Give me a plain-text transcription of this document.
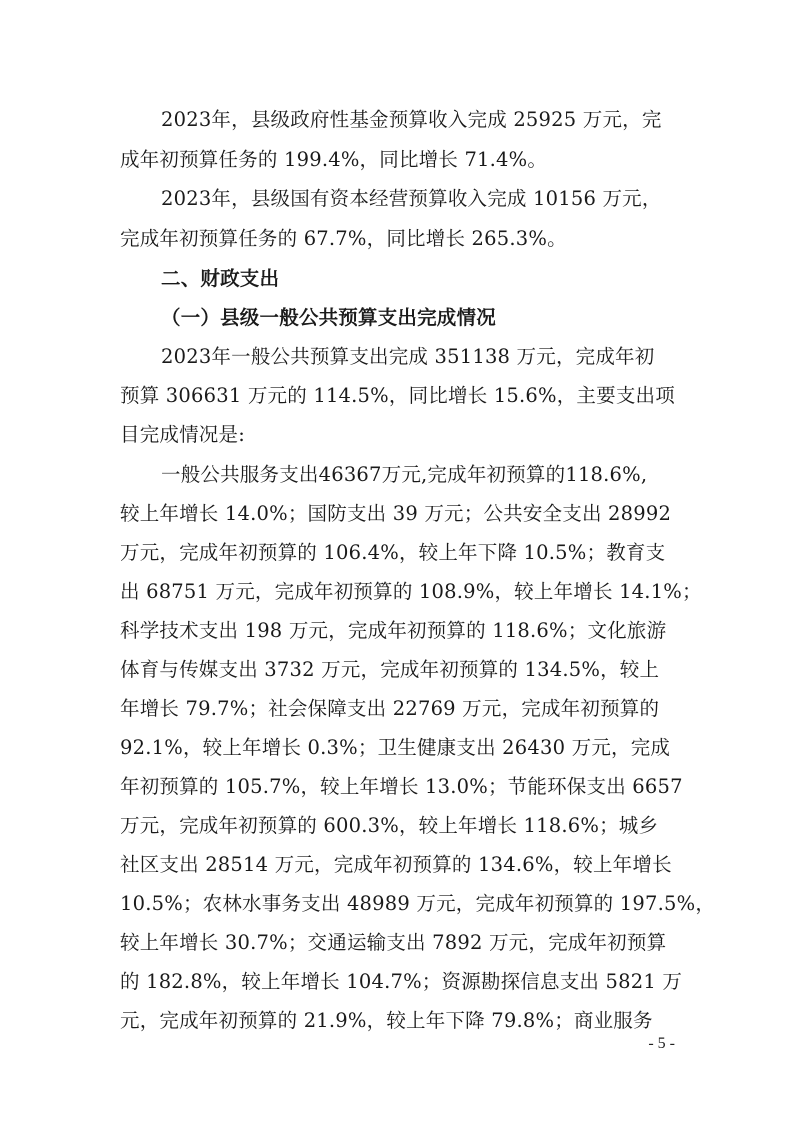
2023年，县级政府性基金预算收入完成 25925 万元，完
成年初预算任务的 199.4%，同比增长 71.4%。
2023年，县级国有资本经营预算收入完成 10156 万元，
完成年初预算任务的 67.7%，同比增长 265.3%。
二、财政支出
（一）县级一般公共预算支出完成情况
2023年一般公共预算支出完成 351138 万元，完成年初
预算 306631 万元的 114.5%，同比增长 15.6%，主要支出项
目完成情况是:
一般公共服务支出46367万元,完成年初预算的118.6%,
较上年增长 14.0%；国防支出 39 万元；公共安全支出 28992
万元，完成年初预算的 106.4%，较上年下降 10.5%；教育支
出 68751 万元，完成年初预算的 108.9%，较上年增长 14.1%；
科学技术支出 198 万元，完成年初预算的 118.6%；文化旅游
体育与传媒支出 3732 万元，完成年初预算的 134.5%，较上
年增长 79.7%；社会保障支出 22769 万元，完成年初预算的
92.1%，较上年增长 0.3%；卫生健康支出 26430 万元，完成
年初预算的 105.7%，较上年增长 13.0%；节能环保支出 6657
万元，完成年初预算的 600.3%，较上年增长 118.6%；城乡
社区支出 28514 万元，完成年初预算的 134.6%，较上年增长
10.5%；农林水事务支出 48989 万元，完成年初预算的 197.5%，
较上年增长 30.7%；交通运输支出 7892 万元，完成年初预算
的 182.8%，较上年增长 104.7%；资源勘探信息支出 5821 万
元，完成年初预算的 21.9%，较上年下降 79.8%；商业服务
- 5 -
